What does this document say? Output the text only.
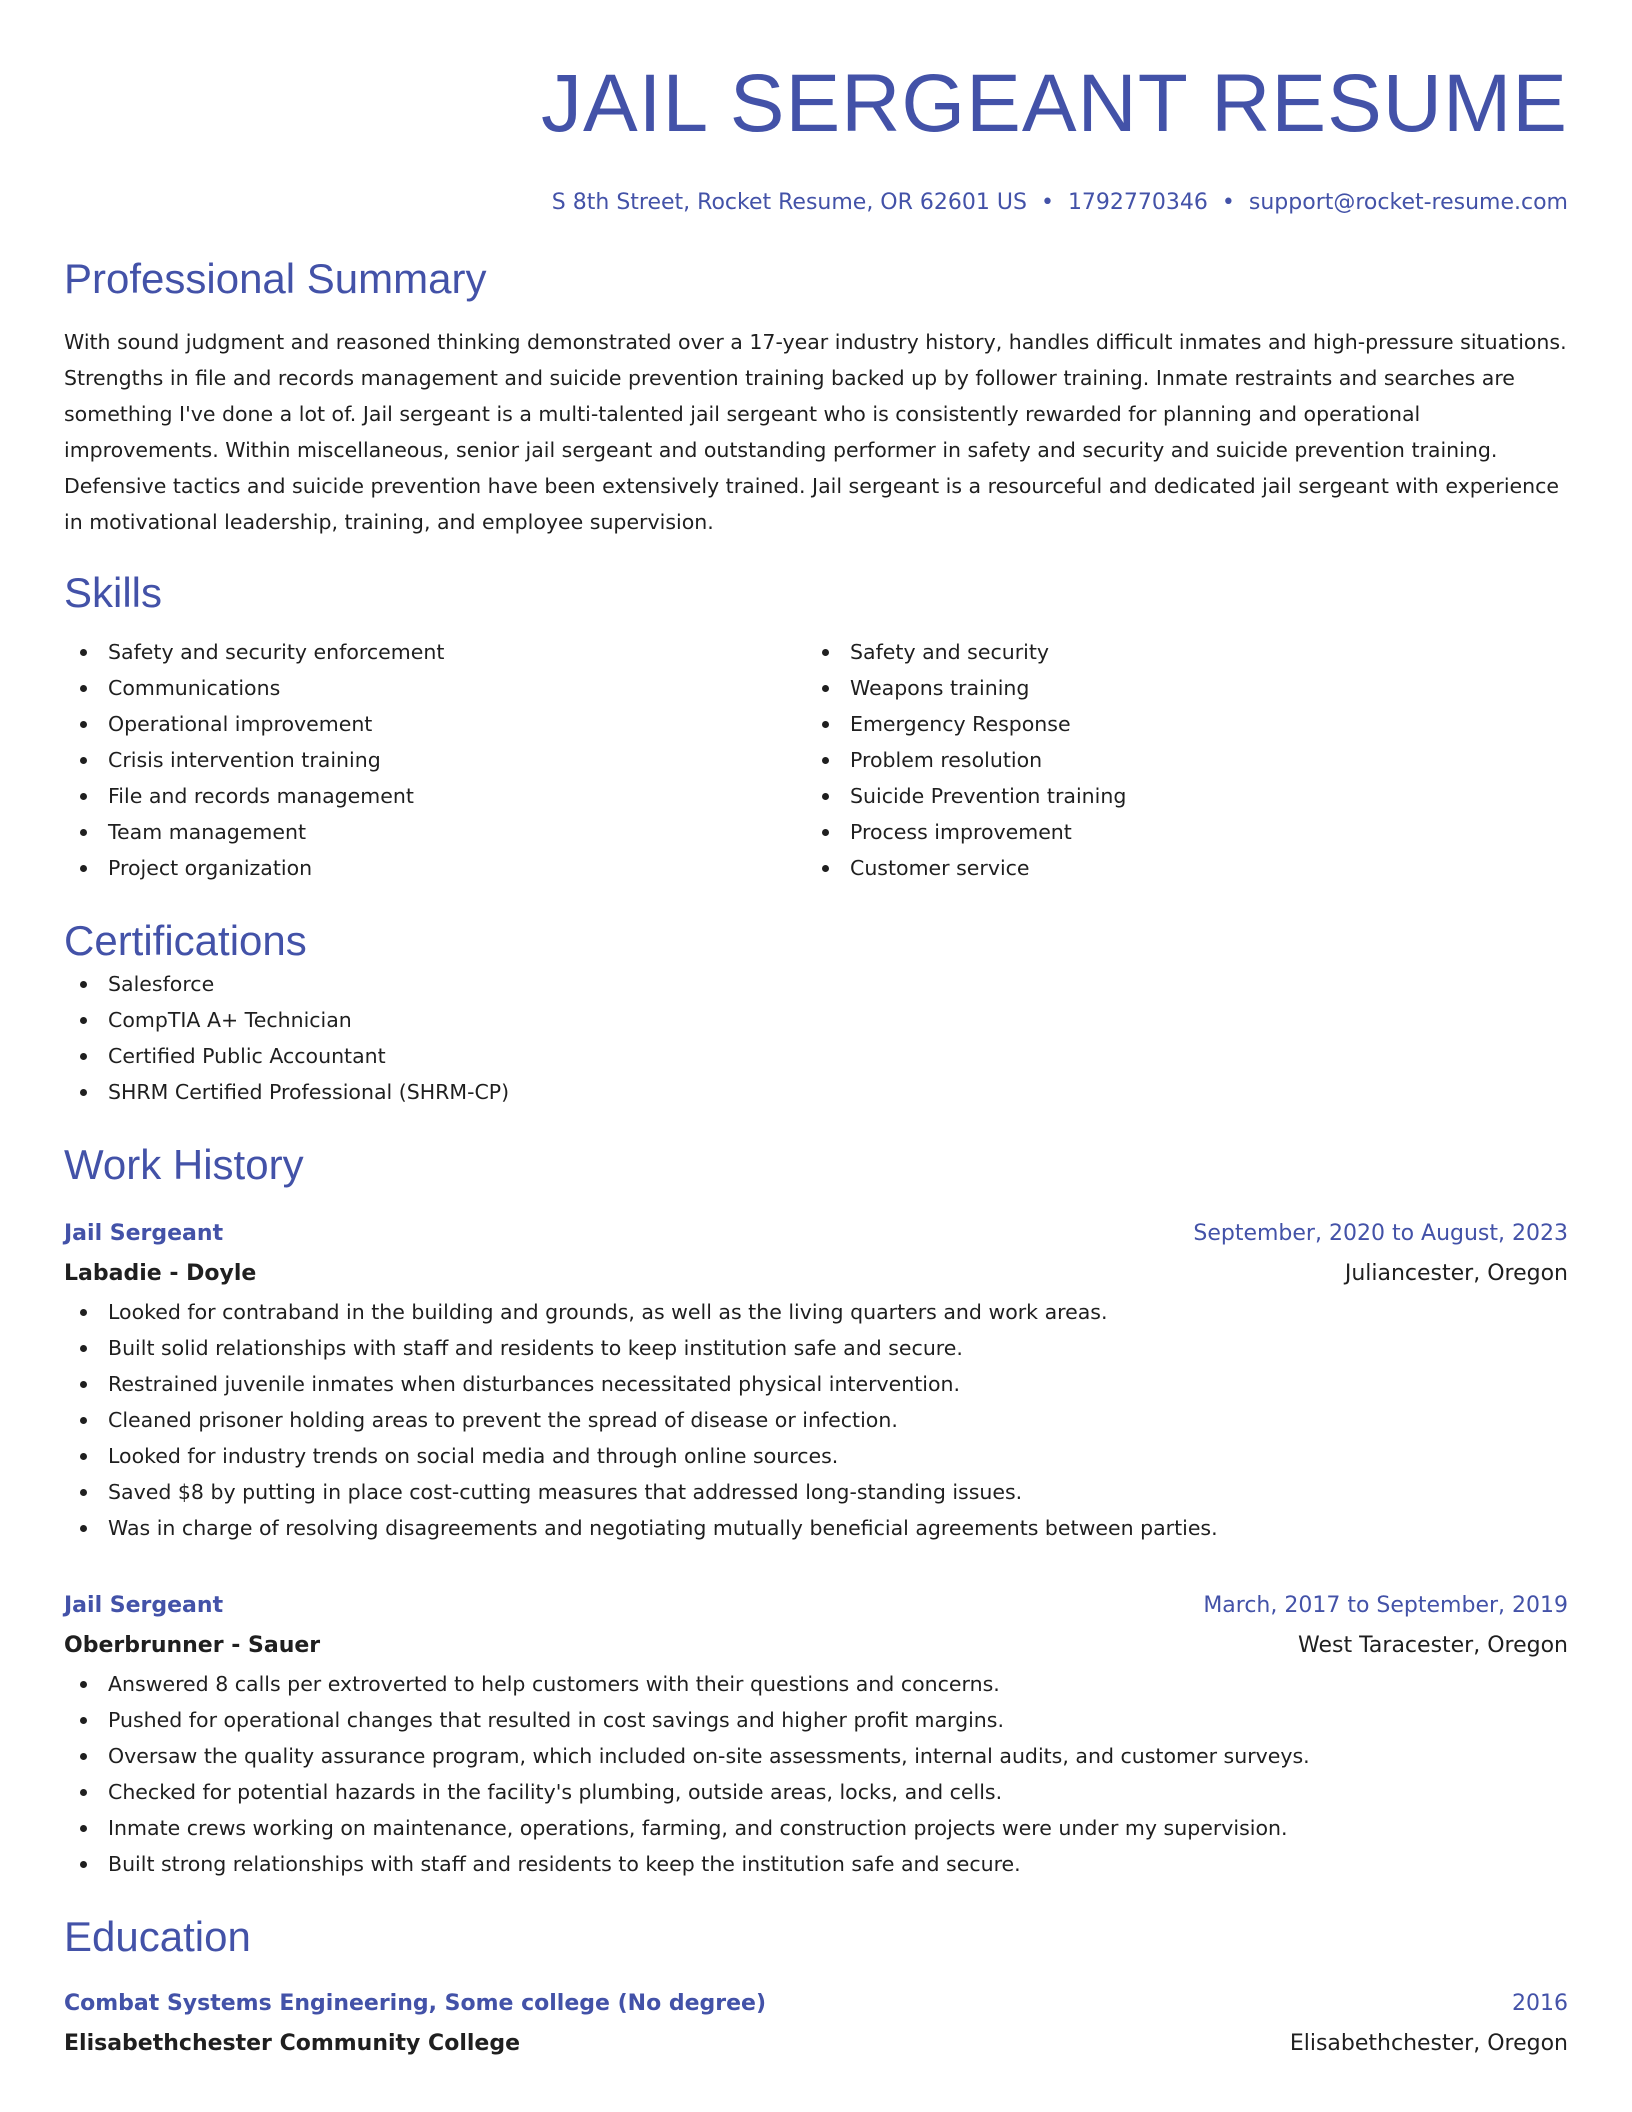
JAIL SERGEANT RESUME
S 8th Street, Rocket Resume, OR 62601 US • 1792770346 • support@rocket-resume.com
Professional Summary
With sound judgment and reasoned thinking demonstrated over a 17-year industry history, handles difficult inmates and high-pressure situations. Strengths in file and records management and suicide prevention training backed up by follower training. Inmate restraints and searches are something I've done a lot of. Jail sergeant is a multi-talented jail sergeant who is consistently rewarded for planning and operational improvements. Within miscellaneous, senior jail sergeant and outstanding performer in safety and security and suicide prevention training. Defensive tactics and suicide prevention have been extensively trained. Jail sergeant is a resourceful and dedicated jail sergeant with experience in motivational leadership, training, and employee supervision.
Skills
Safety and security enforcement
Communications
Operational improvement
Crisis intervention training
File and records management
Team management
Project organization
Safety and security
Weapons training
Emergency Response
Problem resolution
Suicide Prevention training
Process improvement
Customer service
Certifications
Salesforce
CompTIA A+ Technician
Certified Public Accountant
SHRM Certified Professional (SHRM-CP)
Work History
Jail Sergeant	September, 2020 to August, 2023
Labadie - Doyle	Juliancester, Oregon
Looked for contraband in the building and grounds, as well as the living quarters and work areas.
Built solid relationships with staff and residents to keep institution safe and secure.
Restrained juvenile inmates when disturbances necessitated physical intervention.
Cleaned prisoner holding areas to prevent the spread of disease or infection.
Looked for industry trends on social media and through online sources.
Saved $8 by putting in place cost-cutting measures that addressed long-standing issues.
Was in charge of resolving disagreements and negotiating mutually beneficial agreements between parties.
Jail Sergeant	March, 2017 to September, 2019
Oberbrunner - Sauer	West Taracester, Oregon
Answered 8 calls per extroverted to help customers with their questions and concerns.
Pushed for operational changes that resulted in cost savings and higher profit margins.
Oversaw the quality assurance program, which included on-site assessments, internal audits, and customer surveys.
Checked for potential hazards in the facility's plumbing, outside areas, locks, and cells.
Inmate crews working on maintenance, operations, farming, and construction projects were under my supervision.
Built strong relationships with staff and residents to keep the institution safe and secure.
Education
Combat Systems Engineering, Some college (No degree)	2016
Elisabethchester Community College	Elisabethchester, Oregon
